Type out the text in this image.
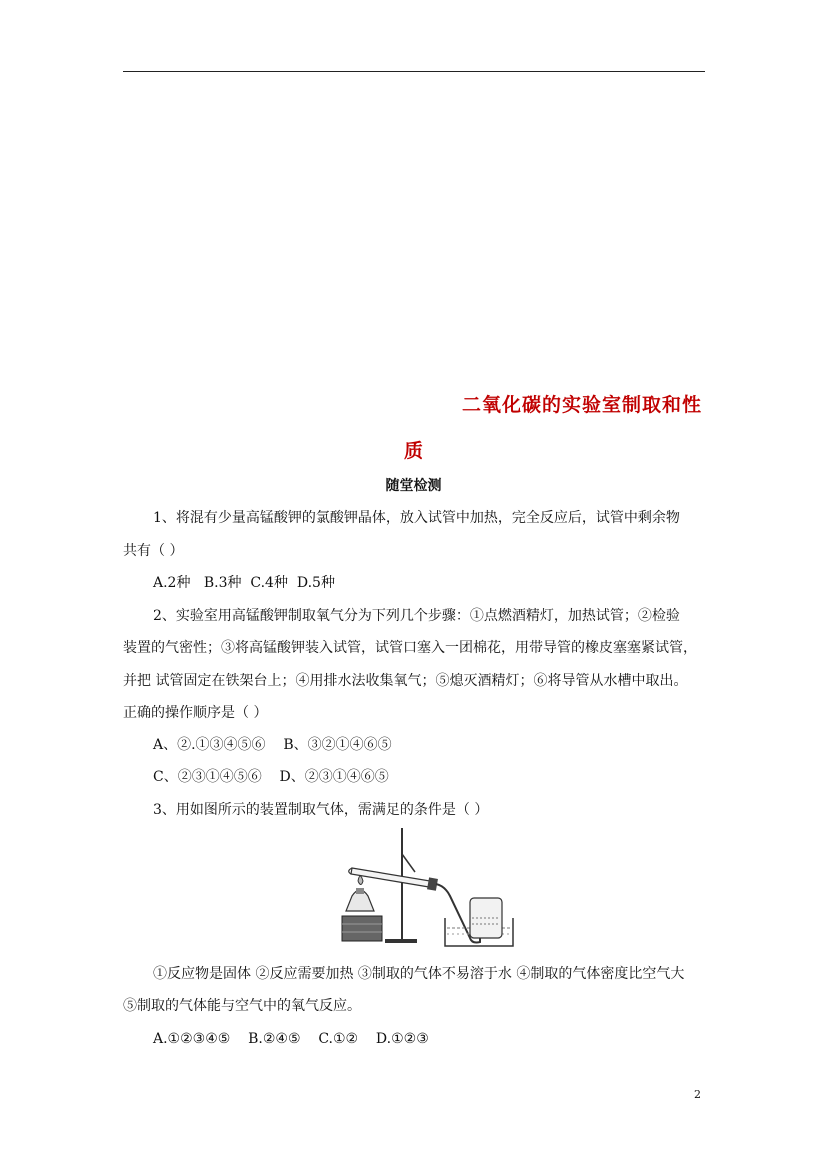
二氧化碳的实验室制取和性
质
随堂检测
1、将混有少量高锰酸钾的氯酸钾晶体，放入试管中加热，完全反应后，试管中剩余物
共有（ ）
A.2种 B.3种 C.4种 D.5种
2、实验室用高锰酸钾制取氧气分为下列几个步骤：①点燃酒精灯，加热试管；②检验
装置的气密性；③将高锰酸钾装入试管，试管口塞入一团棉花，用带导管的橡皮塞塞紧试管，
并把 试管固定在铁架台上；④用排水法收集氧气；⑤熄灭酒精灯；⑥将导管从水槽中取出。
正确的操作顺序是（ ）
A、②.①③④⑤⑥ B、③②①④⑥⑤
C、②③①④⑤⑥ D、②③①④⑥⑤
3、用如图所示的装置制取气体，需满足的条件是（ ）
①反应物是固体 ②反应需要加热 ③制取的气体不易溶于水 ④制取的气体密度比空气大
⑤制取的气体能与空气中的氧气反应。
A.①②③④⑤ B.②④⑤ C.①② D.①②③
2
